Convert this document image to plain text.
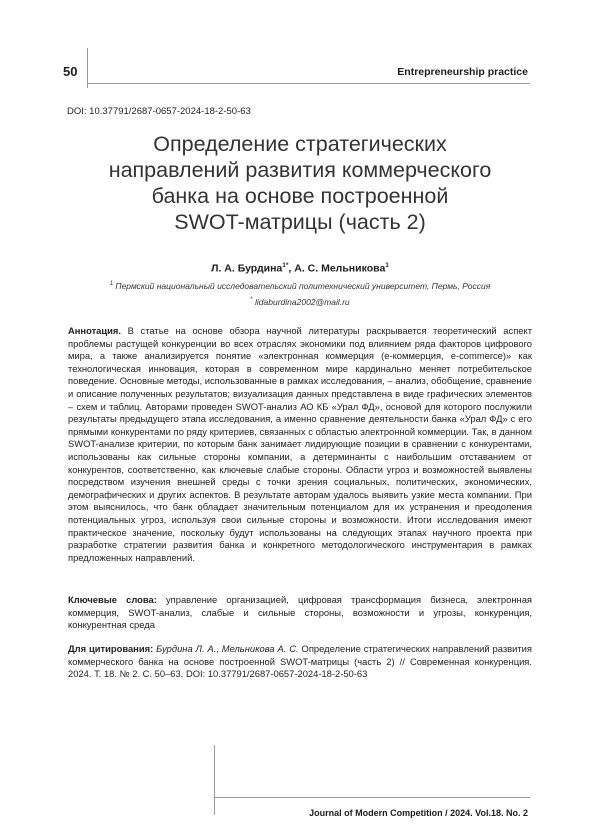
50	Entrepreneurship practice
DOI: 10.37791/2687-0657-2024-18-2-50-63
Определение стратегических
направлений развития коммерческого
банка на основе построенной
SWOT-матрицы (часть 2)
Л. А. Бурдина$^{1*}$, А. С. Мельникова$^1$
$^1$ Пермский национальный исследовательский политехнический университет, Пермь, Россия
* lidaburdina2002@mail.ru
Аннотация. В статье на основе обзора научной литературы раскрывается теоретический аспект проблемы растущей конкуренции во всех отраслях экономики под влиянием ряда факторов цифрового мира, а также анализируется понятие «электронная коммерция (е-коммерция, e-commerce)» как технологическая инновация, которая в современном мире кардинально меняет потребительское поведение. Основные методы, использованные в рамках исследования, – анализ, обобщение, сравнение и описание полученных результатов; визуализация данных представлена в виде графических элементов – схем и таблиц. Авторами проведен SWOT-анализ АО КБ «Урал ФД», основой для которого послужили результаты предыдущего этапа исследования, а именно сравнение деятельности банка «Урал ФД» с его прямыми конкурентами по ряду критериев, связанных с областью электронной коммерции. Так, в данном SWOT-анализе критерии, по которым банк занимает лидирующие позиции в сравнении с конкурентами, использованы как сильные стороны компании, а детерминанты с наибольшим отставанием от конкурентов, соответственно, как ключевые слабые стороны. Области угроз и возможностей выявлены посредством изучения внешней среды с точки зрения социальных, политических, экономических, демографических и других аспектов. В результате авторам удалось выявить узкие места компании. При этом выяснилось, что банк обладает значительным потенциалом для их устранения и преодоления потенциальных угроз, используя свои сильные стороны и возможности. Итоги исследования имеют практическое значение, поскольку будут использованы на следующих этапах научного проекта при разработке стратегии развития банка и конкретного методологического инструментария в рамках предложенных направлений.
Ключевые слова: управление организацией, цифровая трансформация бизнеса, электронная коммерция, SWOT-анализ, слабые и сильные стороны, возможности и угрозы, конкуренция, конкурентная среда
Для цитирования: Бурдина Л. А., Мельникова А. С. Определение стратегических направлений развития коммерческого банка на основе построенной SWOT-матрицы (часть 2) // Современная конкуренция. 2024. Т. 18. № 2. С. 50–63. DOI: 10.37791/2687-0657-2024-18-2-50-63
Journal of Modern Competition / 2024. Vol.18. No. 2
